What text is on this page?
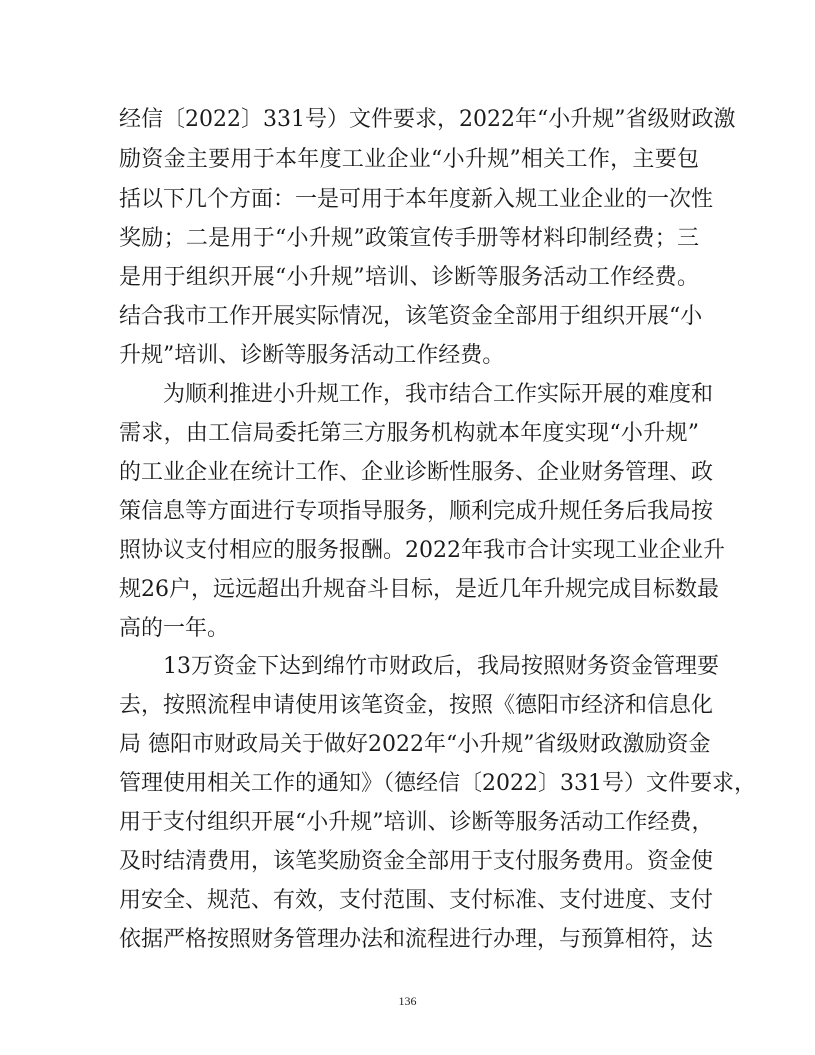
经信〔2022〕331号）文件要求，2022年“小升规”省级财政激
励资金主要用于本年度工业企业“小升规”相关工作，主要包
括以下几个方面：一是可用于本年度新入规工业企业的一次性
奖励；二是用于“小升规”政策宣传手册等材料印制经费；三
是用于组织开展“小升规”培训、诊断等服务活动工作经费。
结合我市工作开展实际情况，该笔资金全部用于组织开展“小
升规”培训、诊断等服务活动工作经费。
为顺利推进小升规工作，我市结合工作实际开展的难度和
需求，由工信局委托第三方服务机构就本年度实现“小升规”
的工业企业在统计工作、企业诊断性服务、企业财务管理、政
策信息等方面进行专项指导服务，顺利完成升规任务后我局按
照协议支付相应的服务报酬。2022年我市合计实现工业企业升
规26户，远远超出升规奋斗目标，是近几年升规完成目标数最
高的一年。
13万资金下达到绵竹市财政后，我局按照财务资金管理要
去，按照流程申请使用该笔资金，按照《德阳市经济和信息化
局 德阳市财政局关于做好2022年“小升规”省级财政激励资金
管理使用相关工作的通知》（德经信〔2022〕331号）文件要求，
用于支付组织开展“小升规”培训、诊断等服务活动工作经费，
及时结清费用，该笔奖励资金全部用于支付服务费用。资金使
用安全、规范、有效，支付范围、支付标准、支付进度、支付
依据严格按照财务管理办法和流程进行办理，与预算相符，达
136
